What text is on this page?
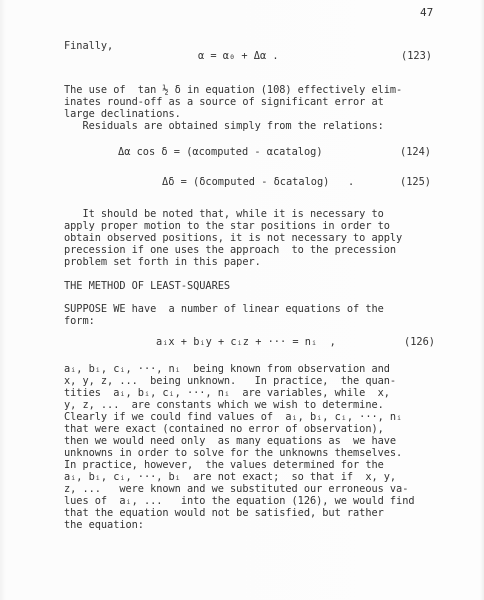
47
Finally,
α = α₀ + Δα .	(123)
The use of  tan ½ δ in equation (108) effectively elim-
inates round-off as a source of significant error at
large declinations.
Residuals are obtained simply from the relations:
Δα cos δ = (αcomputed - αcatalog)	(124)
Δδ = (δcomputed - δcatalog)   .	(125)
It should be noted that, while it is necessary to
apply proper motion to the star positions in order to
obtain observed positions, it is not necessary to apply
precession if one uses the approach  to the precession
problem set forth in this paper.
THE METHOD OF LEAST-SQUARES
SUPPOSE WE have  a number of linear equations of the
form:
aᵢx + bᵢy + cᵢz + ··· = nᵢ  ,	(126)
aᵢ, bᵢ, cᵢ, ···, nᵢ  being known from observation and
x, y, z, ...  being unknown.   In practice,  the quan-
tities  aᵢ, bᵢ, cᵢ, ···, nᵢ  are variables, while  x,
y, z, ...  are constants which we wish to determine.
Clearly if we could find values of  aᵢ, bᵢ, cᵢ, ···, nᵢ
that were exact (contained no error of observation),
then we would need only  as many equations as  we have
unknowns in order to solve for the unknowns themselves.
In practice, however,  the values determined for the
aᵢ, bᵢ, cᵢ, ···, bᵢ  are not exact;  so that if  x, y,
z, ...   were known and we substituted our erroneous va-
lues of  aᵢ, ...   into the equation (126), we would find
that the equation would not be satisfied, but rather
the equation:
